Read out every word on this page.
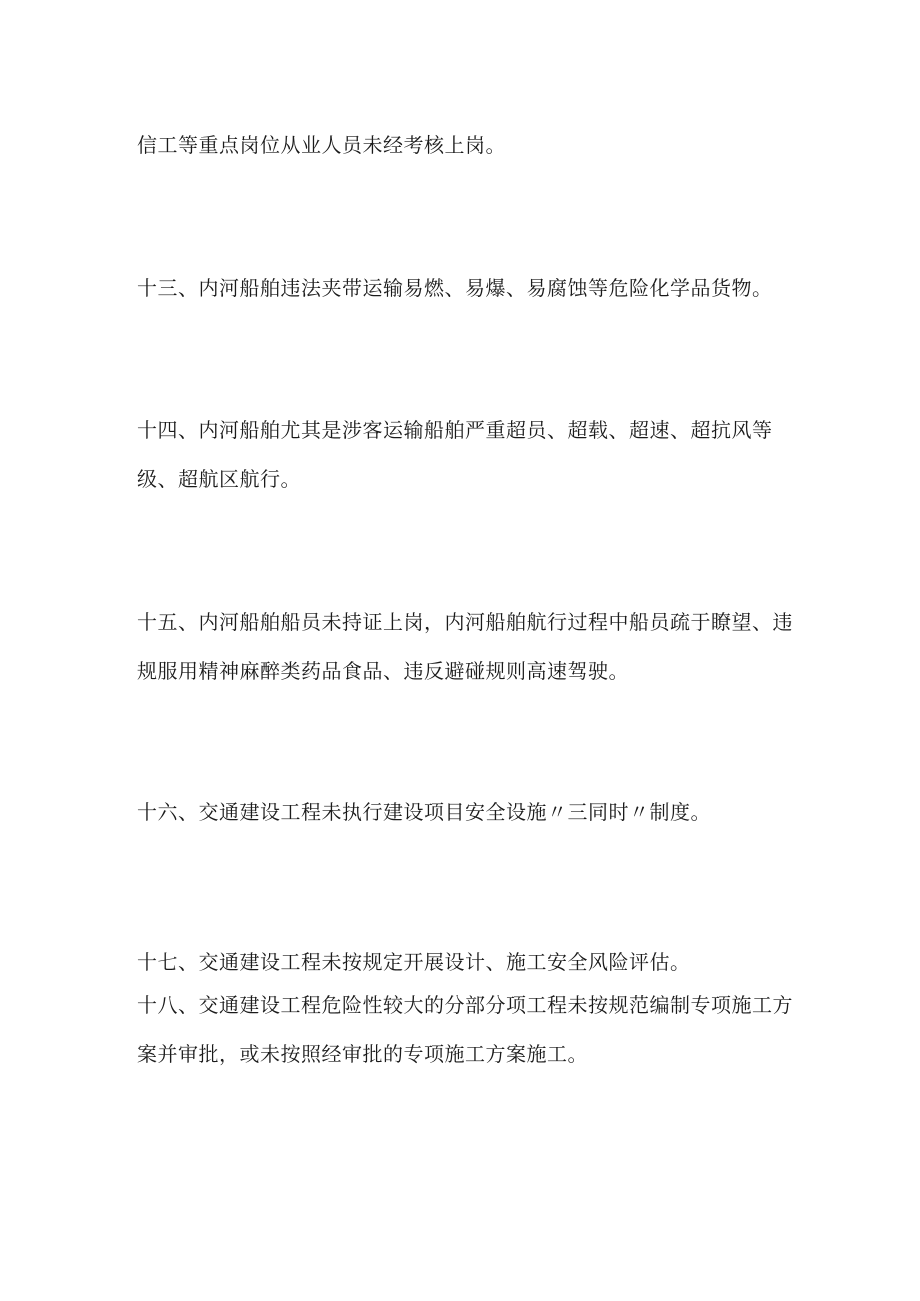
信工等重点岗位从业人员未经考核上岗。

十三、内河船舶违法夹带运输易燃、易爆、易腐蚀等危险化学品货物。

十四、内河船舶尤其是涉客运输船舶严重超员、超载、超速、超抗风等

级、超航区航行。

十五、内河船舶船员未持证上岗，内河船舶航行过程中船员疏于瞭望、违

规服用精神麻醉类药品食品、违反避碰规则高速驾驶。

十六、交通建设工程未执行建设项目安全设施〃三同时〃制度。

十七、交通建设工程未按规定开展设计、施工安全风险评估。

十八、交通建设工程危险性较大的分部分项工程未按规范编制专项施工方

案并审批，或未按照经审批的专项施工方案施工。
